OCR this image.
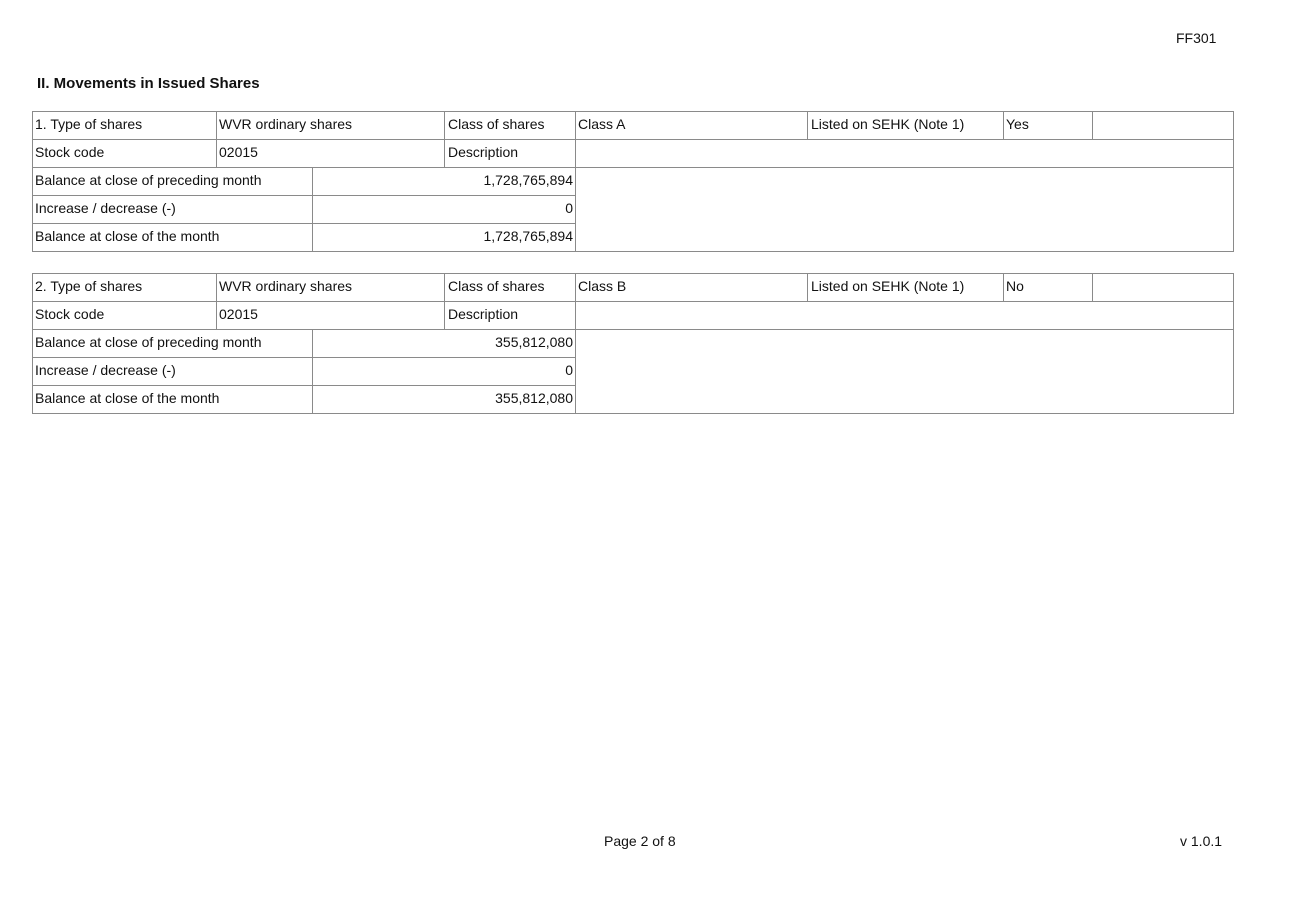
FF301
II. Movements in Issued Shares
1. Type of shares	WVR ordinary shares	Class of shares	Class A	Listed on SEHK (Note 1)	Yes
Stock code	02015	Description
Balance at close of preceding month	1,728,765,894
Increase / decrease (-)	0
Balance at close of the month	1,728,765,894
2. Type of shares	WVR ordinary shares	Class of shares	Class B	Listed on SEHK (Note 1)	No
Stock code	02015	Description
Balance at close of preceding month	355,812,080
Increase / decrease (-)	0
Balance at close of the month	355,812,080
Page 2 of 8	v 1.0.1
